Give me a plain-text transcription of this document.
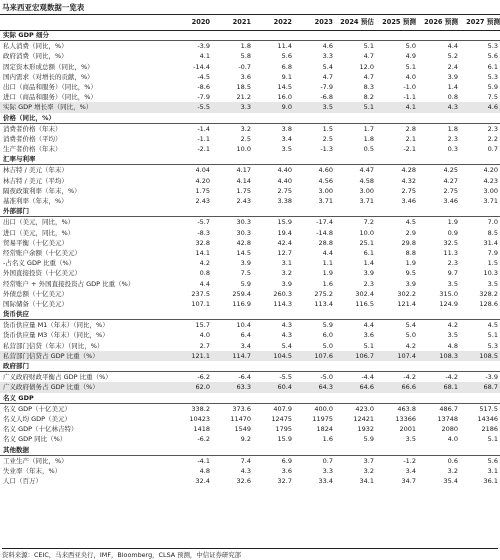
马来西亚宏观数据一览表
2020	2021	2022	2023	2024 预估	2025 预测	2026 预测	2027 预测
实际 GDP 细分
私人消费（同比，%）	-3.9	1.8	11.4	4.6	5.1	5.0	4.4	5.3
政府消费（同比，%）	4.1	5.8	5.6	3.3	4.7	4.9	5.2	5.6
固定资本形成总额（同比，%）	-14.4	-0.7	6.8	5.4	12.0	5.1	2.4	6.1
国内需求（对增长的贡献，%）	-4.5	3.6	9.1	4.7	4.7	4.0	3.9	5.3
出口（商品和服务）（同比，%）	-8.6	18.5	14.5	-7.9	8.3	-1.0	1.4	5.9
进口（商品和服务）（同比，%）	-7.9	21.2	16.0	-6.8	8.2	-1.1	0.8	7.5
实际 GDP 增长率（同比，%）	-5.5	3.3	9.0	3.5	5.1	4.1	4.3	4.6
价格（同比，%）
消费者价格（年末）	-1.4	3.2	3.8	1.5	1.7	2.8	1.8	2.3
消费者价格（平均）	-1.1	2.5	3.4	2.5	1.8	2.1	2.3	2.2
生产者价格（年末）	-2.1	10.0	3.5	-1.3	0.5	-2.1	0.3	0.7
汇率与利率
林吉特 / 美元（年末）	4.04	4.17	4.40	4.60	4.47	4.28	4.25	4.20
林吉特 / 美元（平均）	4.20	4.14	4.40	4.56	4.58	4.32	4.27	4.23
隔夜政策利率（年末，%）	1.75	1.75	2.75	3.00	3.00	2.75	2.75	3.00
基准利率（年末，%）	2.43	2.43	3.38	3.71	3.71	3.46	3.46	3.71
外部部门
出口（美元，同比，%）	-5.7	30.3	15.9	-17.4	7.2	4.5	1.9	7.0
进口（美元，同比，%）	-8.3	30.3	19.4	-14.8	10.0	2.9	0.9	8.5
贸易平衡（十亿美元）	32.8	42.8	42.4	28.8	25.1	29.8	32.5	31.4
经常账户余额（十亿美元）	14.1	14.5	12.7	4.4	6.1	8.8	11.3	7.9
-占名义 GDP 比重（%）	4.2	3.9	3.1	1.1	1.4	1.9	2.3	1.5
外国直接投资（十亿美元）	0.8	7.5	3.2	1.9	3.9	9.5	9.7	10.3
经常账户 + 外国直接投资占 GDP 比重（%）	4.4	5.9	3.9	1.6	2.3	3.9	3.5	3.5
外债总额（十亿美元）	237.5	259.4	260.3	275.2	302.4	302.2	315.0	328.2
国际储备（十亿美元）	107.1	116.9	114.3	113.4	116.5	121.4	124.9	128.6
货币供应
货币供应量 M1（年末）（同比，%）	15.7	10.4	4.3	5.9	4.4	5.4	4.2	4.5
货币供应量 M3（年末）（同比，%）	4.0	6.4	4.3	6.0	3.6	5.0	3.5	5.1
私营部门信贷（年末）（同比，%）	2.7	3.4	5.4	5.0	5.1	4.2	4.8	5.3
私营部门信贷占 GDP 比重（%）	121.1	114.7	104.5	107.6	106.7	107.4	108.3	108.5
政府部门
广义政府财政平衡占 GDP 比重（%）	-6.2	-6.4	-5.5	-5.0	-4.4	-4.2	-4.2	-3.9
广义政府债务占 GDP 比重（%）	62.0	63.3	60.4	64.3	64.6	66.6	68.1	68.7
名义 GDP
名义 GDP（十亿美元）	338.2	373.6	407.9	400.0	423.0	463.8	486.7	517.5
名义人均 GDP（美元）	10423	11470	12475	11975	12421	13366	13748	14346
名义 GDP（十亿林吉特）	1418	1549	1795	1824	1932	2001	2080	2186
名义 GDP 同比（%）	-6.2	9.2	15.9	1.6	5.9	3.5	4.0	5.1
其他数据
工业生产（同比，%）	-4.1	7.4	6.9	0.7	3.7	-1.2	0.6	5.6
失业率（年末，%）	4.8	4.3	3.6	3.3	3.2	3.4	3.2	3.1
人口（百万）	32.4	32.6	32.7	33.4	34.1	34.7	35.4	36.1
资料来源：CEIC，马来西亚央行，IMF，Bloomberg，CLSA 预测，中信证券研究部
